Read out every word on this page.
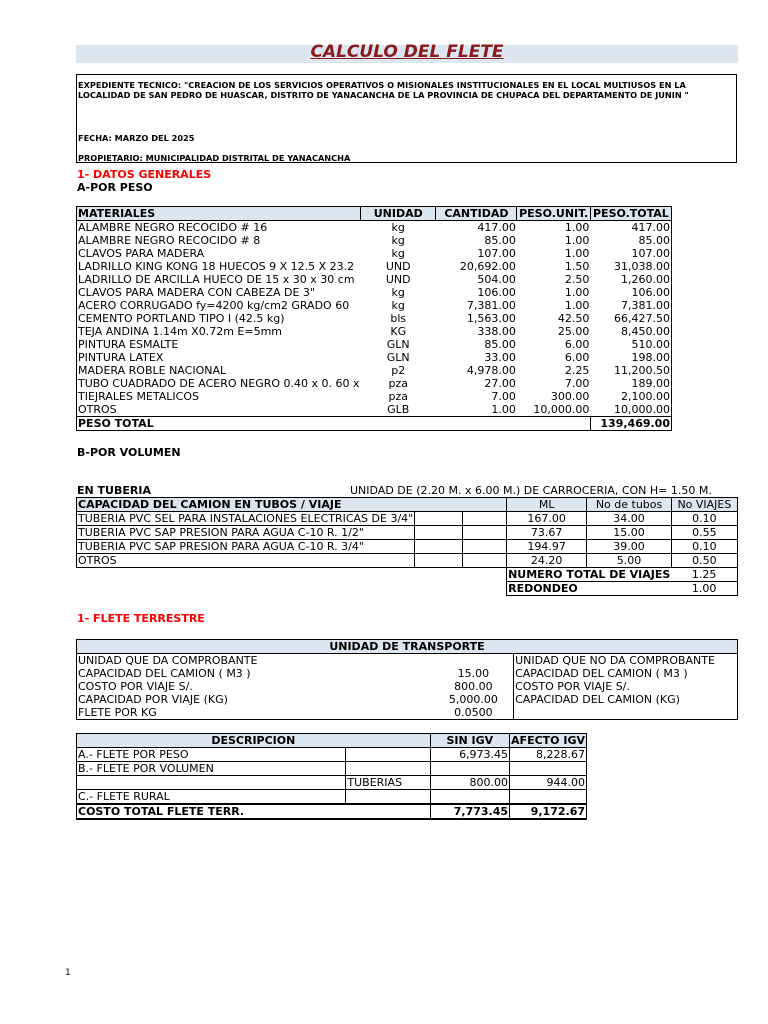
CALCULO DEL FLETE
EXPEDIENTE TECNICO: "CREACION DE LOS SERVICIOS OPERATIVOS O MISIONALES INSTITUCIONALES EN EL LOCAL MULTIUSOS EN LA LOCALIDAD DE SAN PEDRO DE HUASCAR, DISTRITO DE YANACANCHA DE LA PROVINCIA DE CHUPACA DEL DEPARTAMENTO DE JUNIN "
FECHA: MARZO DEL 2025
PROPIETARIO: MUNICIPALIDAD DISTRITAL DE YANACANCHA
1- DATOS GENERALES
A-POR PESO
MATERIALES	UNIDAD	CANTIDAD	PESO.UNIT.	PESO.TOTAL
ALAMBRE NEGRO RECOCIDO # 16	kg	417.00	1.00	417.00
ALAMBRE NEGRO RECOCIDO # 8	kg	85.00	1.00	85.00
CLAVOS PARA MADERA	kg	107.00	1.00	107.00
LADRILLO KING KONG 18 HUECOS 9 X 12.5 X 23.2	UND	20,692.00	1.50	31,038.00
LADRILLO DE ARCILLA HUECO DE 15 x 30 x 30 cm	UND	504.00	2.50	1,260.00
CLAVOS PARA MADERA CON CABEZA DE 3"	kg	106.00	1.00	106.00
ACERO CORRUGADO fy=4200 kg/cm2 GRADO 60	kg	7,381.00	1.00	7,381.00
CEMENTO PORTLAND TIPO I (42.5 kg)	bls	1,563.00	42.50	66,427.50
TEJA ANDINA 1.14m X0.72m E=5mm	KG	338.00	25.00	8,450.00
PINTURA ESMALTE	GLN	85.00	6.00	510.00
PINTURA LATEX	GLN	33.00	6.00	198.00
MADERA ROBLE NACIONAL	p2	4,978.00	2.25	11,200.50
TUBO CUADRADO DE ACERO NEGRO 0.40 x 0. 60 x	pza	27.00	7.00	189.00
TIEJRALES METALICOS	pza	7.00	300.00	2,100.00
OTROS	GLB	1.00	10,000.00	10,000.00
PESO TOTAL				139,469.00
B-POR VOLUMEN
EN TUBERIA	UNIDAD DE (2.20 M. x 6.00 M.) DE CARROCERIA, CON H= 1.50 M.
CAPACIDAD DEL CAMION EN TUBOS / VIAJE			ML	No de tubos	No VIAJES
TUBERIA PVC SEL PARA INSTALACIONES ELECTRICAS DE 3/4"			167.00	34.00	0.10
TUBERIA PVC SAP PRESION PARA AGUA C-10 R. 1/2"			73.67	15.00	0.55
TUBERIA PVC SAP PRESION PARA AGUA C-10 R. 3/4"			194.97	39.00	0.10
OTROS			24.20	5.00	0.50
			NUMERO TOTAL DE VIAJES		1.25
			REDONDEO		1.00
1- FLETE TERRESTRE
UNIDAD DE TRANSPORTE		
UNIDAD QUE DA COMPROBANTE		UNIDAD QUE NO DA COMPROBANTE
CAPACIDAD DEL CAMION ( M3 )	15.00	CAPACIDAD DEL CAMION ( M3 )
COSTO POR VIAJE S/.	800.00	COSTO POR VIAJE S/.
CAPACIDAD POR VIAJE (KG)	5,000.00	CAPACIDAD DEL CAMION (KG)
FLETE POR KG	0.0500	
DESCRIPCION		SIN IGV	AFECTO IGV
A.- FLETE POR PESO		6,973.45	8,228.67
B.- FLETE POR VOLUMEN			
	TUBERIAS	800.00	944.00
C.- FLETE RURAL			
COSTO TOTAL FLETE TERR.		7,773.45	9,172.67
1
